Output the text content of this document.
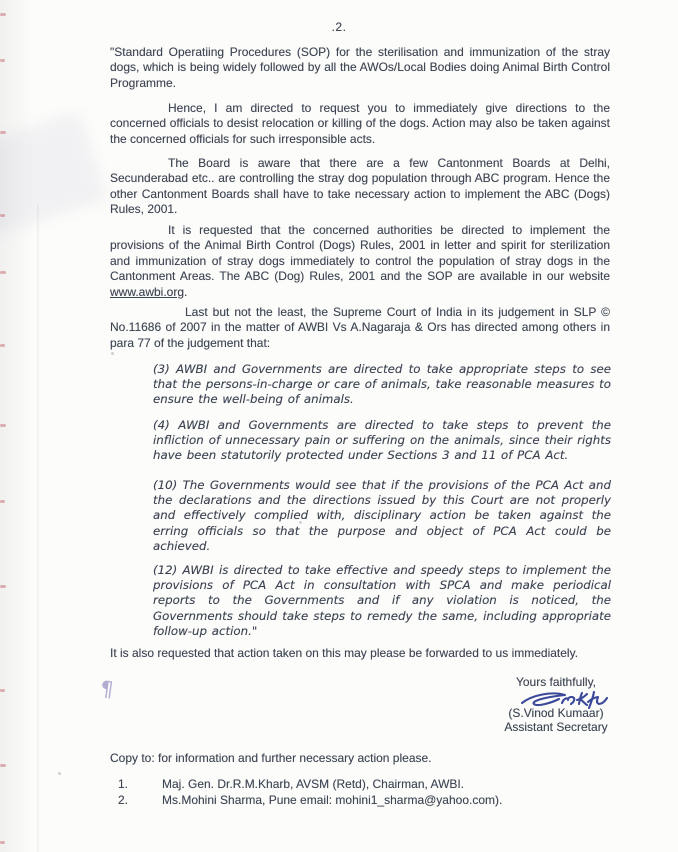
.2.
"Standard Operatiing Procedures (SOP) for the sterilisation and immunization of the stray dogs, which is being widely followed by all the AWOs/Local Bodies doing Animal Birth Control Programme.
Hence, I am directed to request you to immediately give directions to the concerned officials to desist relocation or killing of the dogs. Action may also be taken against the concerned officials for such irresponsible acts.
The Board is aware that there are a few Cantonment Boards at Delhi, Secunderabad etc.. are controlling the stray dog population through ABC program. Hence the other Cantonment Boards shall have to take necessary action to implement the ABC (Dogs) Rules, 2001.
It is requested that the concerned authorities be directed to implement the provisions of the Animal Birth Control (Dogs) Rules, 2001 in letter and spirit for sterilization and immunization of stray dogs immediately to control the population of stray dogs in the Cantonment Areas. The ABC (Dog) Rules, 2001 and the SOP are available in our website www.awbi.org.
Last but not the least, the Supreme Court of India in its judgement in SLP © No.11686 of 2007 in the matter of AWBI Vs A.Nagaraja & Ors has directed among others in para 77 of the judgement that:
(3) AWBI and Governments are directed to take appropriate steps to see that the persons-in-charge or care of animals, take reasonable measures to ensure the well-being of animals.
(4) AWBI and Governments are directed to take steps to prevent the infliction of unnecessary pain or suffering on the animals, since their rights have been statutorily protected under Sections 3 and 11 of PCA Act.
(10) The Governments would see that if the provisions of the PCA Act and the declarations and the directions issued by this Court are not properly and effectively complied with, disciplinary action be taken against the erring officials so that the purpose and object of PCA Act could be achieved.
(12) AWBI is directed to take effective and speedy steps to implement the provisions of PCA Act in consultation with SPCA and make periodical reports to the Governments and if any violation is noticed, the Governments should take steps to remedy the same, including appropriate follow-up action."
It is also requested that action taken on this may please be forwarded to us immediately.
¶	Yours faithfully,
(S.Vinod Kumaar)
Assistant Secretary
Copy to: for information and further necessary action please.
1.	Maj. Gen. Dr.R.M.Kharb, AVSM (Retd), Chairman, AWBI.
2.	Ms.Mohini Sharma, Pune email: mohini1_sharma@yahoo.com).
